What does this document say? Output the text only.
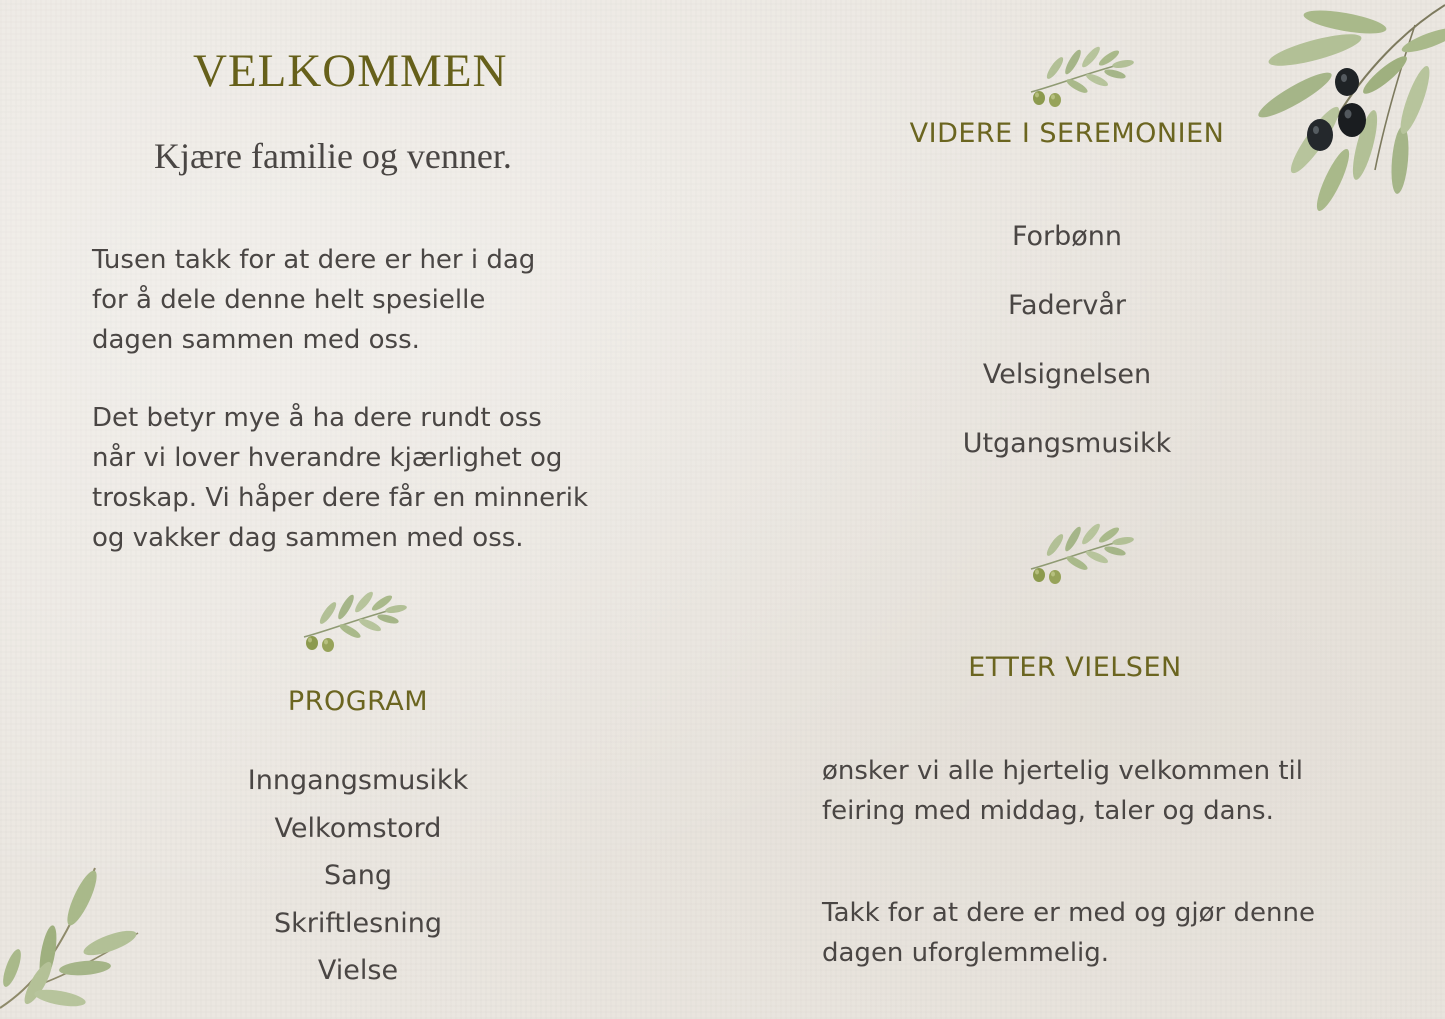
VELKOMMEN
Kjære familie og venner.

Tusen takk for at dere er her i dag

for å dele denne helt spesielle

dagen sammen med oss.

Det betyr mye å ha dere rundt oss

når vi lover hverandre kjærlighet og

troskap. Vi håper dere får en minnerik

og vakker dag sammen med oss.

PROGRAM
Inngangsmusikk
Velkomstord
Sang
Skriftlesning
Vielse
VIDERE I SEREMONIEN
Forbønn
Fadervår
Velsignelsen
Utgangsmusikk
ETTER VIELSEN

ønsker vi alle hjertelig velkommen til

feiring med middag, taler og dans.

Takk for at dere er med og gjør denne

dagen uforglemmelig.
